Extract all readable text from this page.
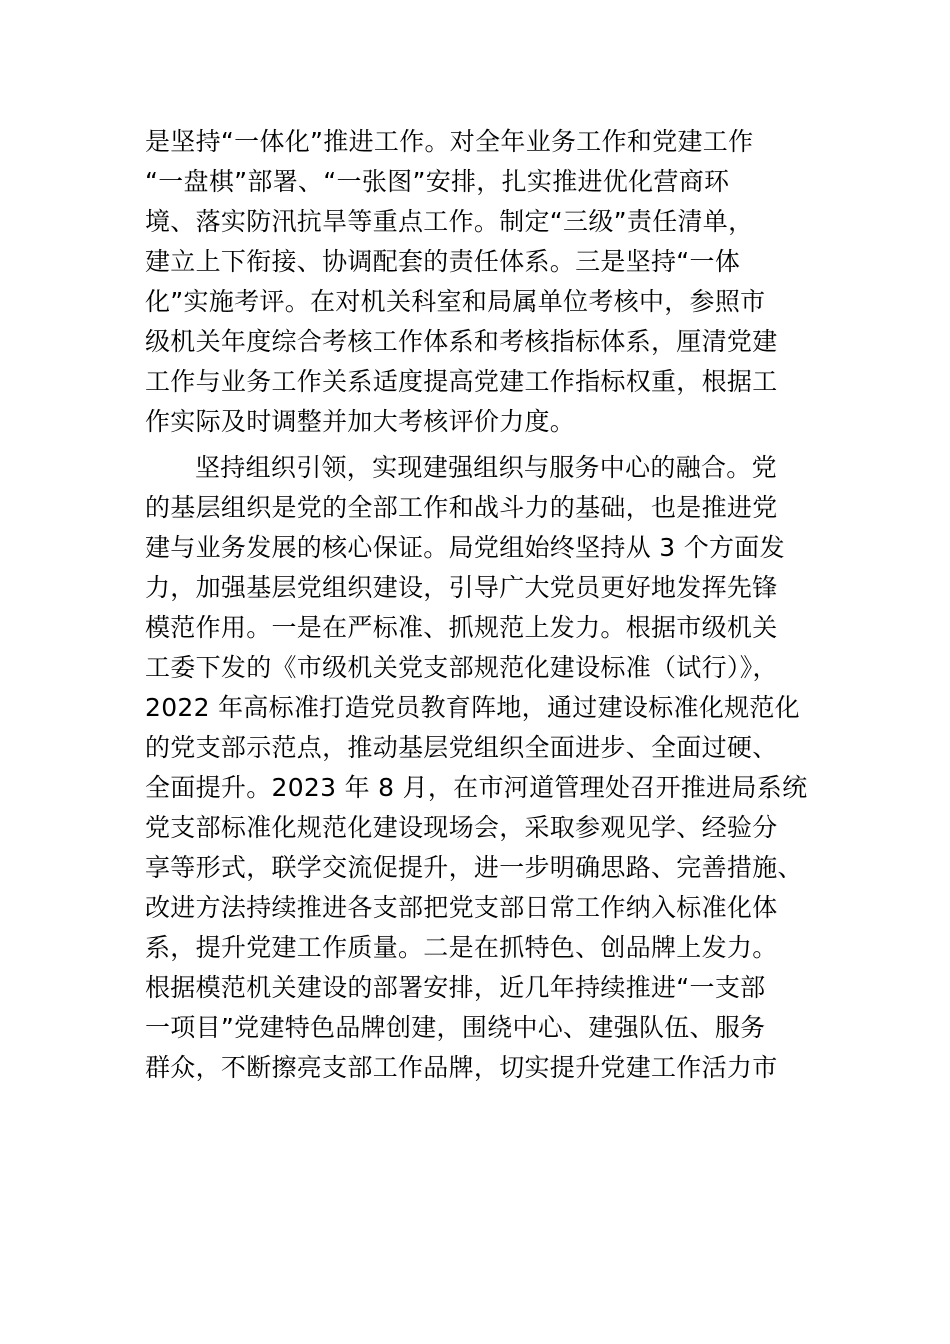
是坚持“一体化”推进工作。对全年业务工作和党建工作
“一盘棋”部署、“一张图”安排，扎实推进优化营商环
境、落实防汛抗旱等重点工作。制定“三级”责任清单，
建立上下衔接、协调配套的责任体系。三是坚持“一体
化”实施考评。在对机关科室和局属单位考核中，参照市
级机关年度综合考核工作体系和考核指标体系，厘清党建
工作与业务工作关系适度提高党建工作指标权重，根据工
作实际及时调整并加大考核评价力度。
坚持组织引领，实现建强组织与服务中心的融合。党
的基层组织是党的全部工作和战斗力的基础，也是推进党
建与业务发展的核心保证。局党组始终坚持从 3 个方面发
力，加强基层党组织建设，引导广大党员更好地发挥先锋
模范作用。一是在严标准、抓规范上发力。根据市级机关
工委下发的《市级机关党支部规范化建设标准（试行）》，
2022 年高标准打造党员教育阵地，通过建设标准化规范化
的党支部示范点，推动基层党组织全面进步、全面过硬、
全面提升。2023 年 8 月，在市河道管理处召开推进局系统
党支部标准化规范化建设现场会，采取参观见学、经验分
享等形式，联学交流促提升，进一步明确思路、完善措施、
改进方法持续推进各支部把党支部日常工作纳入标准化体
系，提升党建工作质量。二是在抓特色、创品牌上发力。
根据模范机关建设的部署安排，近几年持续推进“一支部
一项目”党建特色品牌创建，围绕中心、建强队伍、服务
群众，不断擦亮支部工作品牌，切实提升党建工作活力市
